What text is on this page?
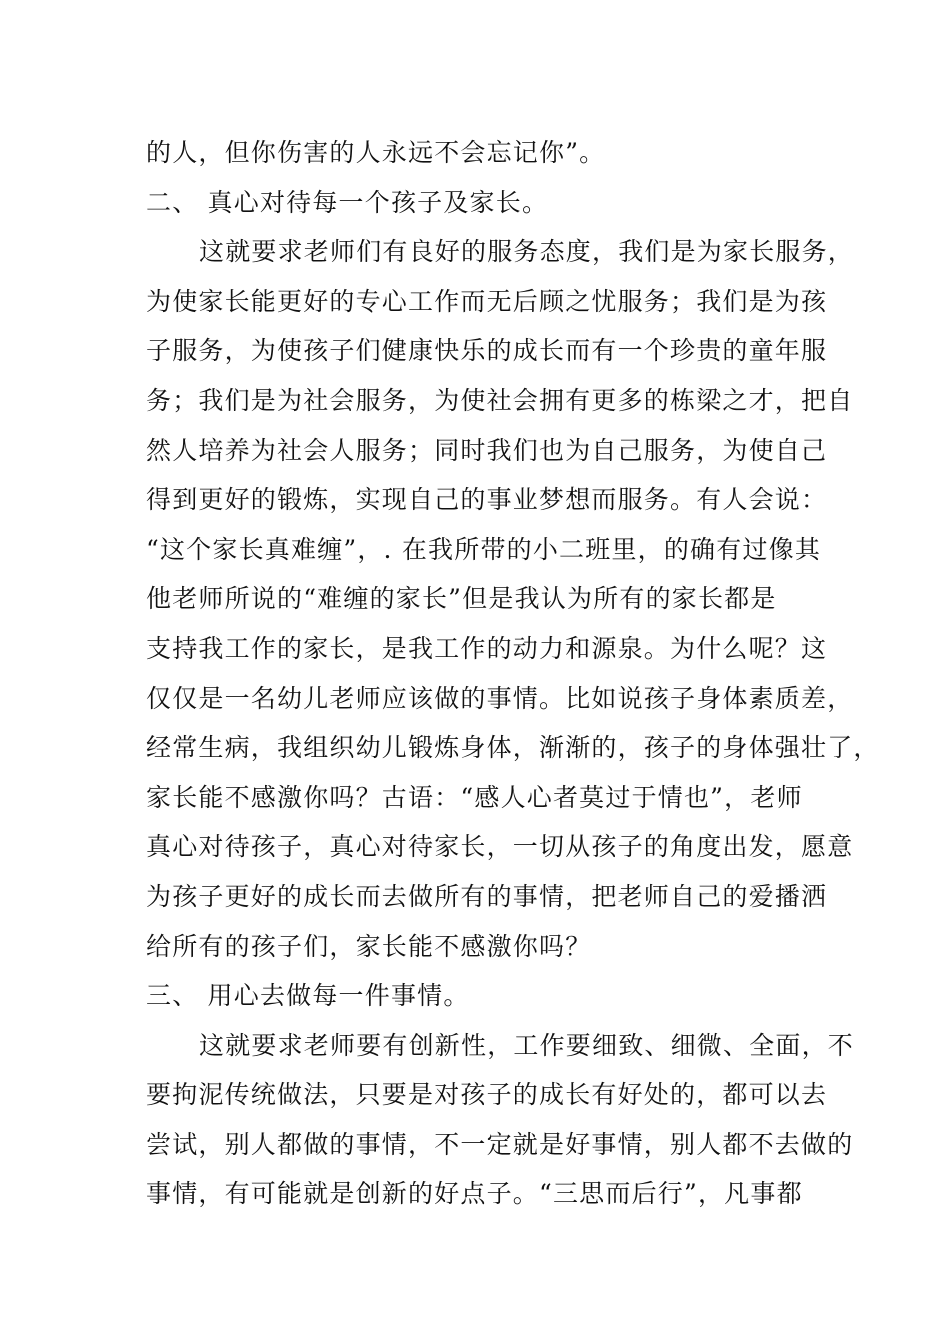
的人，但你伤害的人永远不会忘记你”。
二、 真心对待每一个孩子及家长。
这就要求老师们有良好的服务态度，我们是为家长服务，
为使家长能更好的专心工作而无后顾之忧服务；我们是为孩
子服务，为使孩子们健康快乐的成长而有一个珍贵的童年服
务；我们是为社会服务，为使社会拥有更多的栋梁之才，把自
然人培养为社会人服务；同时我们也为自己服务，为使自己
得到更好的锻炼，实现自己的事业梦想而服务。有人会说：
“这个家长真难缠”，. 在我所带的小二班里，的确有过像其
他老师所说的“难缠的家长”但是我认为所有的家长都是
支持我工作的家长，是我工作的动力和源泉。为什么呢？这
仅仅是一名幼儿老师应该做的事情。比如说孩子身体素质差，
经常生病，我组织幼儿锻炼身体，渐渐的，孩子的身体强壮了，
家长能不感激你吗？古语：“感人心者莫过于情也”，老师
真心对待孩子，真心对待家长，一切从孩子的角度出发，愿意
为孩子更好的成长而去做所有的事情，把老师自己的爱播洒
给所有的孩子们，家长能不感激你吗？
三、 用心去做每一件事情。
这就要求老师要有创新性，工作要细致、细微、全面，不
要拘泥传统做法，只要是对孩子的成长有好处的，都可以去
尝试，别人都做的事情，不一定就是好事情，别人都不去做的
事情，有可能就是创新的好点子。“三思而后行”，凡事都
